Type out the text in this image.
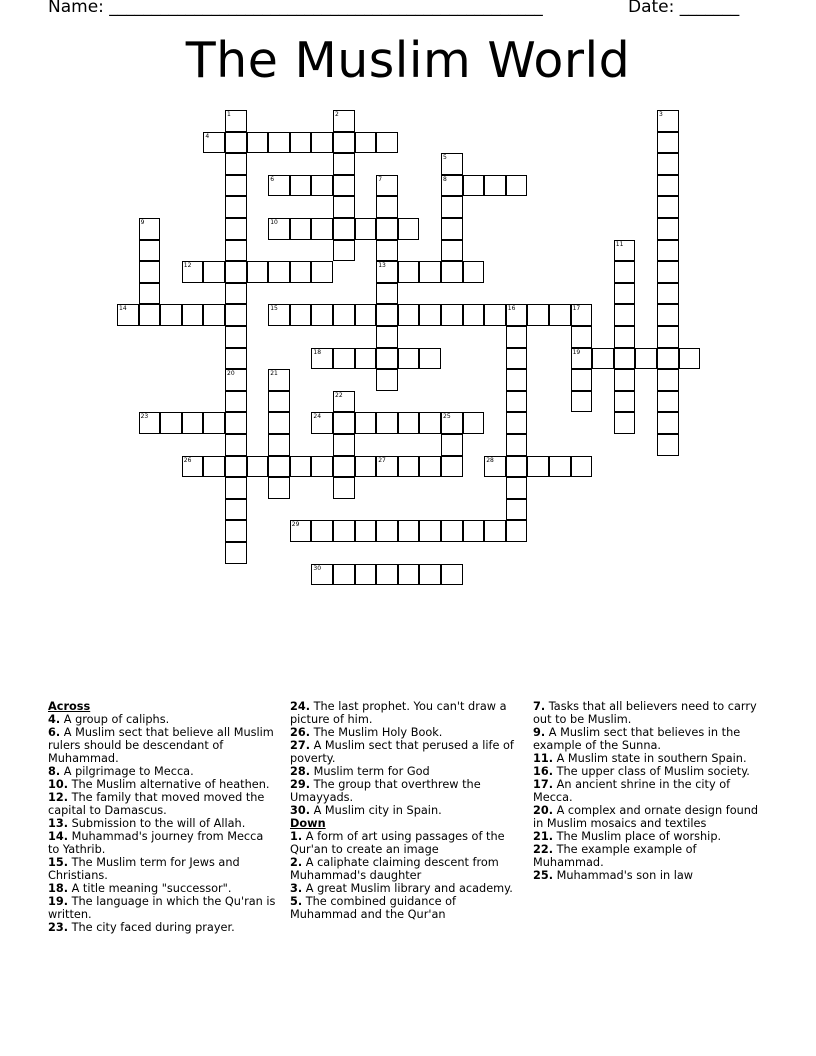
Name: ___________________________________________________	Date: _______
The Muslim World
4
6	8
10
12	13
14	15
18	19
23	24
26	27	28
29
30
1	2	3
5
7
9
11
16	17
20	21
22
25

Across

4. A group of caliphs.

6. A Muslim sect that believe all Muslim rulers should be descendant of Muhammad.

8. A pilgrimage to Mecca.

10. The Muslim alternative of heathen.

12. The family that moved moved the capital to Damascus.

13. Submission to the will of Allah.

14. Muhammad's journey from Mecca to Yathrib.

15. The Muslim term for Jews and Christians.

18. A title meaning "successor".

19. The language in which the Qu'ran is written.

23. The city faced during prayer.

24. The last prophet. You can't draw a picture of him.

26. The Muslim Holy Book.

27. A Muslim sect that perused a life of poverty.

28. Muslim term for God

29. The group that overthrew the Umayyads.

30. A Muslim city in Spain.

Down

1. A form of art using passages of the Qur'an to create an image

2. A caliphate claiming descent from Muhammad's daughter

3. A great Muslim library and academy.

5. The combined guidance of Muhammad and the Qur'an

7. Tasks that all believers need to carry out to be Muslim.

9. A Muslim sect that believes in the example of the Sunna.

11. A Muslim state in southern Spain.

16. The upper class of Muslim society.

17. An ancient shrine in the city of Mecca.

20. A complex and ornate design found in Muslim mosaics and textiles

21. The Muslim place of worship.

22. The example example of Muhammad.

25. Muhammad's son in law
